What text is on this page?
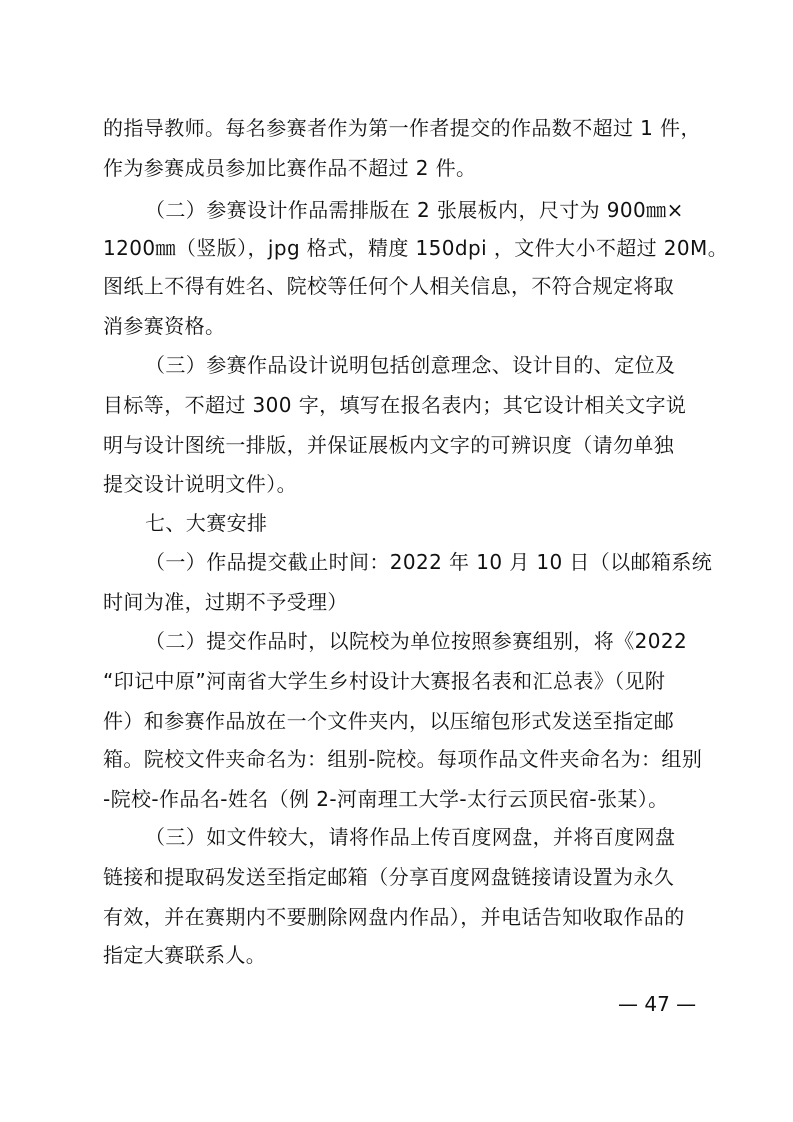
的指导教师。每名参赛者作为第一作者提交的作品数不超过 1 件，
作为参赛成员参加比赛作品不超过 2 件。
（二）参赛设计作品需排版在 2 张展板内，尺寸为 900㎜×
1200㎜（竖版），jpg 格式，精度 150dpi ，文件大小不超过 20M。
图纸上不得有姓名、院校等任何个人相关信息，不符合规定将取
消参赛资格。
（三）参赛作品设计说明包括创意理念、设计目的、定位及
目标等，不超过 300 字，填写在报名表内；其它设计相关文字说
明与设计图统一排版，并保证展板内文字的可辨识度（请勿单独
提交设计说明文件）。
七、大赛安排
（一）作品提交截止时间：2022 年 10 月 10 日（以邮箱系统
时间为准，过期不予受理）
（二）提交作品时，以院校为单位按照参赛组别，将《2022
“印记中原”河南省大学生乡村设计大赛报名表和汇总表》（见附
件）和参赛作品放在一个文件夹内，以压缩包形式发送至指定邮
箱。院校文件夹命名为：组别-院校。每项作品文件夹命名为：组别
-院校-作品名-姓名（例 2-河南理工大学-太行云顶民宿-张某）。
（三）如文件较大，请将作品上传百度网盘，并将百度网盘
链接和提取码发送至指定邮箱（分享百度网盘链接请设置为永久
有效，并在赛期内不要删除网盘内作品），并电话告知收取作品的
指定大赛联系人。
— 47 —
